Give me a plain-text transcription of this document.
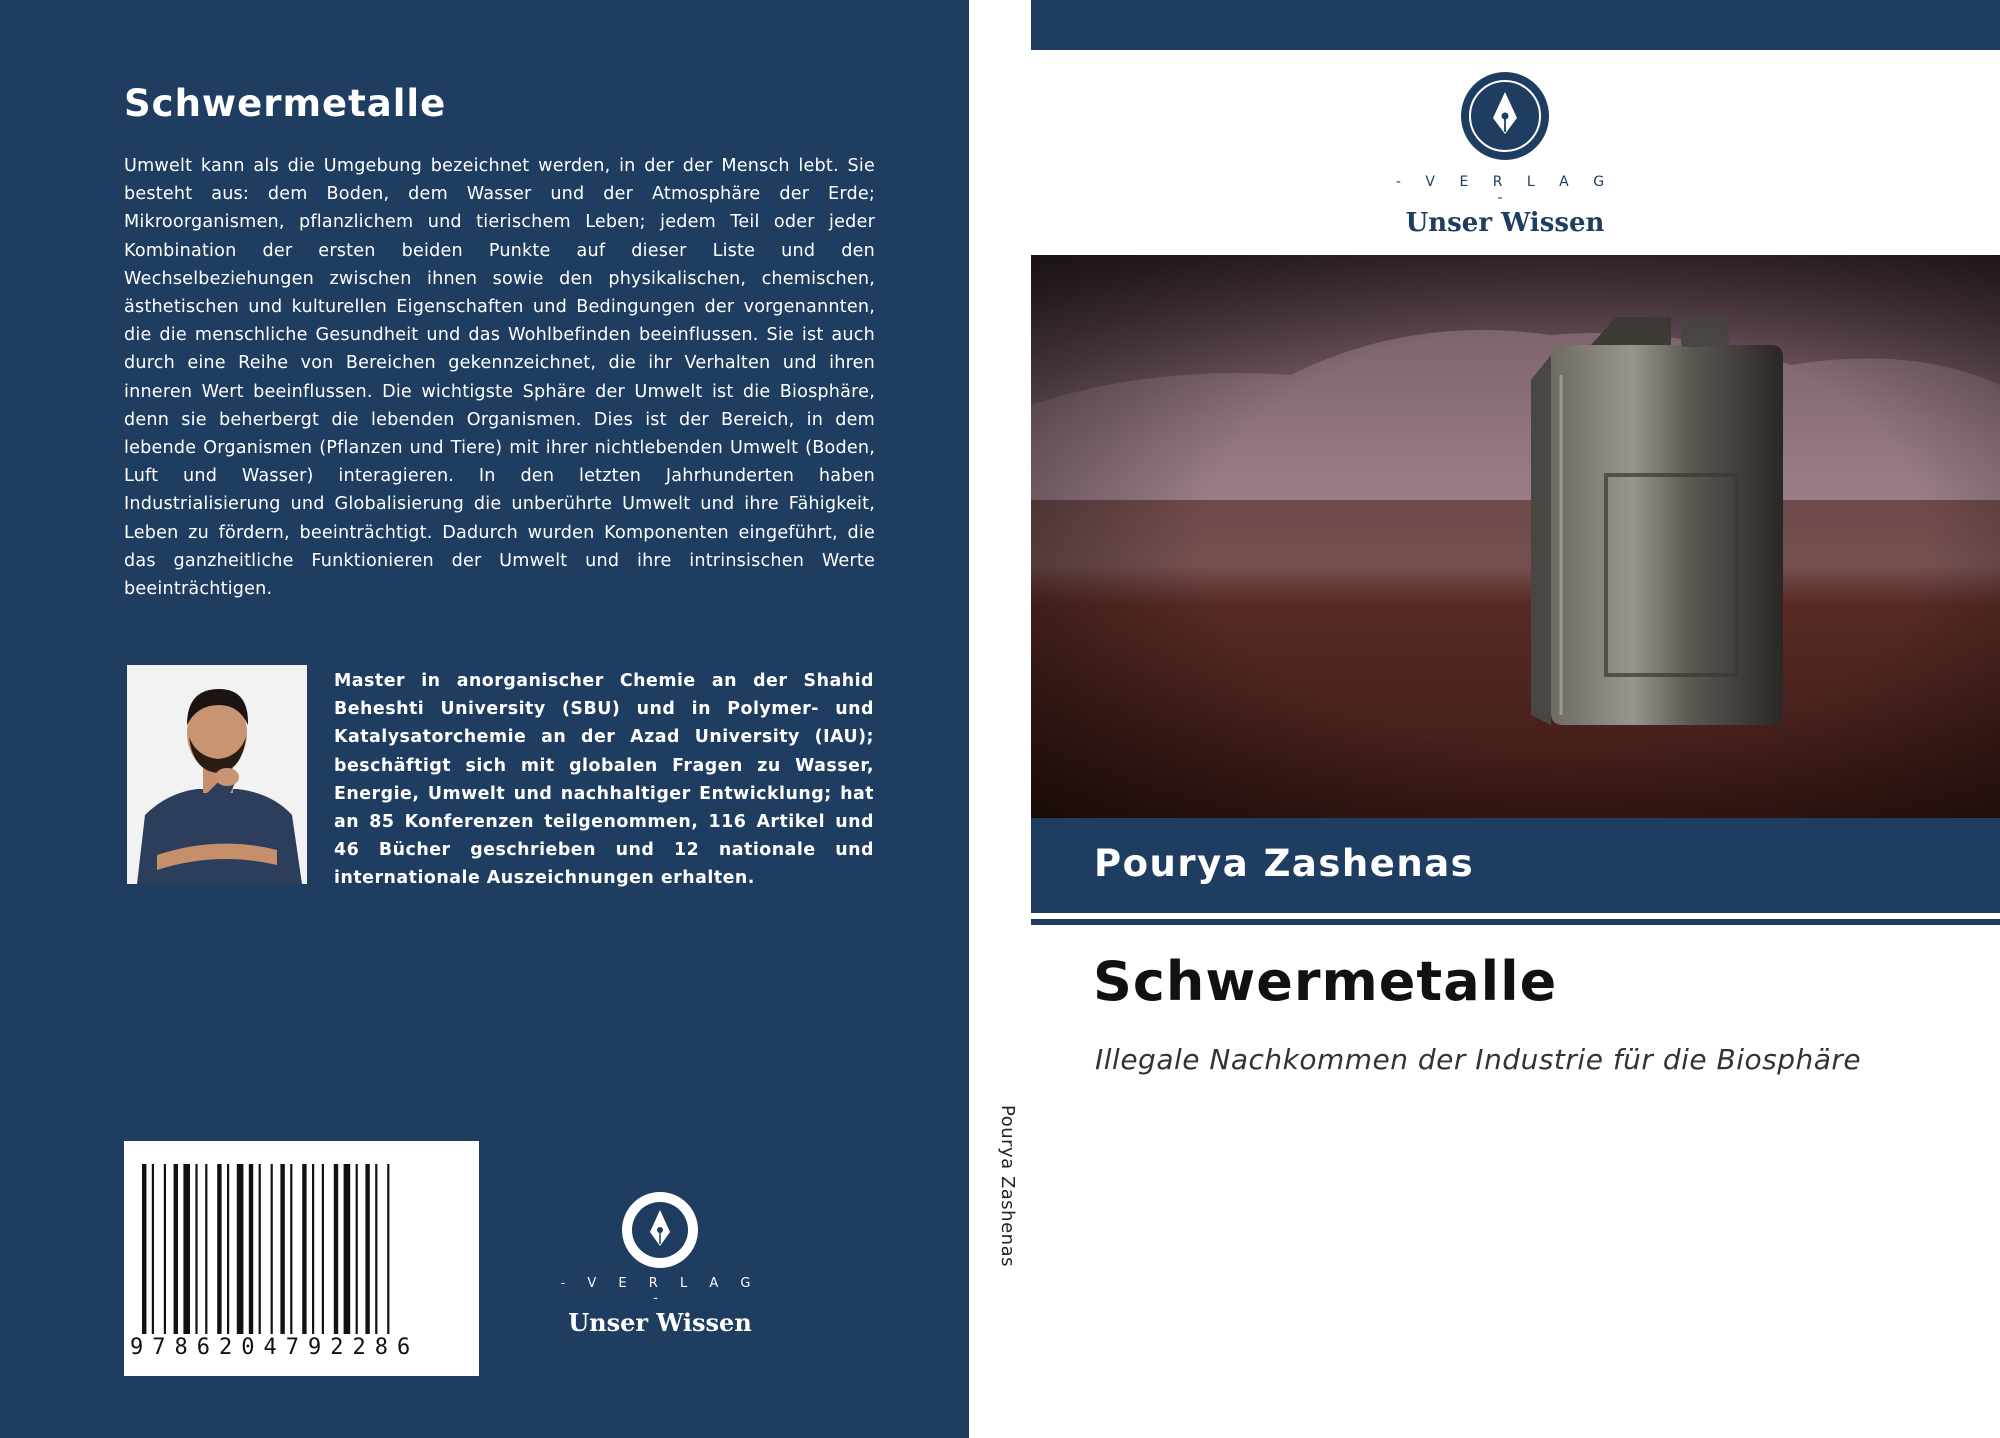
Schwermetalle

Umwelt kann als die Umgebung bezeichnet werden, in der der Mensch lebt. Sie besteht aus: dem Boden, dem Wasser und der Atmosphäre der Erde; Mikroorganismen, pflanzlichem und tierischem Leben; jedem Teil oder jeder Kombination der ersten beiden Punkte auf dieser Liste und den Wechselbeziehungen zwischen ihnen sowie den physikalischen, chemischen, ästhetischen und kulturellen Eigenschaften und Bedingungen der vorgenannten, die die menschliche Gesundheit und das Wohlbefinden beeinflussen. Sie ist auch durch eine Reihe von Bereichen gekennzeichnet, die ihr Verhalten und ihren inneren Wert beeinflussen. Die wichtigste Sphäre der Umwelt ist die Biosphäre, denn sie beherbergt die lebenden Organismen. Dies ist der Bereich, in dem lebende Organismen (Pflanzen und Tiere) mit ihrer nichtlebenden Umwelt (Boden, Luft und Wasser) interagieren. In den letzten Jahrhunderten haben Industrialisierung und Globalisierung die unberührte Umwelt und ihre Fähigkeit, Leben zu fördern, beeinträchtigt. Dadurch wurden Komponenten eingeführt, die das ganzheitliche Funktionieren der Umwelt und ihre intrinsischen Werte beeinträchtigen.

Master in anorganischer Chemie an der Shahid Beheshti University (SBU) und in Polymer- und Katalysatorchemie an der Azad University (IAU); beschäftigt sich mit globalen Fragen zu Wasser, Energie, Umwelt und nachhaltiger Entwicklung; hat an 85 Konferenzen teilgenommen, 116 Artikel und 46 Bücher geschrieben und 12 nationale und internationale Auszeichnungen erhalten.

9786204792286
- V E R L A G -
Unser Wissen
Pourya Zashenas
- V E R L A G -
Unser Wissen
Pourya Zashenas
Schwermetalle
Illegale Nachkommen der Industrie für die Biosphäre
